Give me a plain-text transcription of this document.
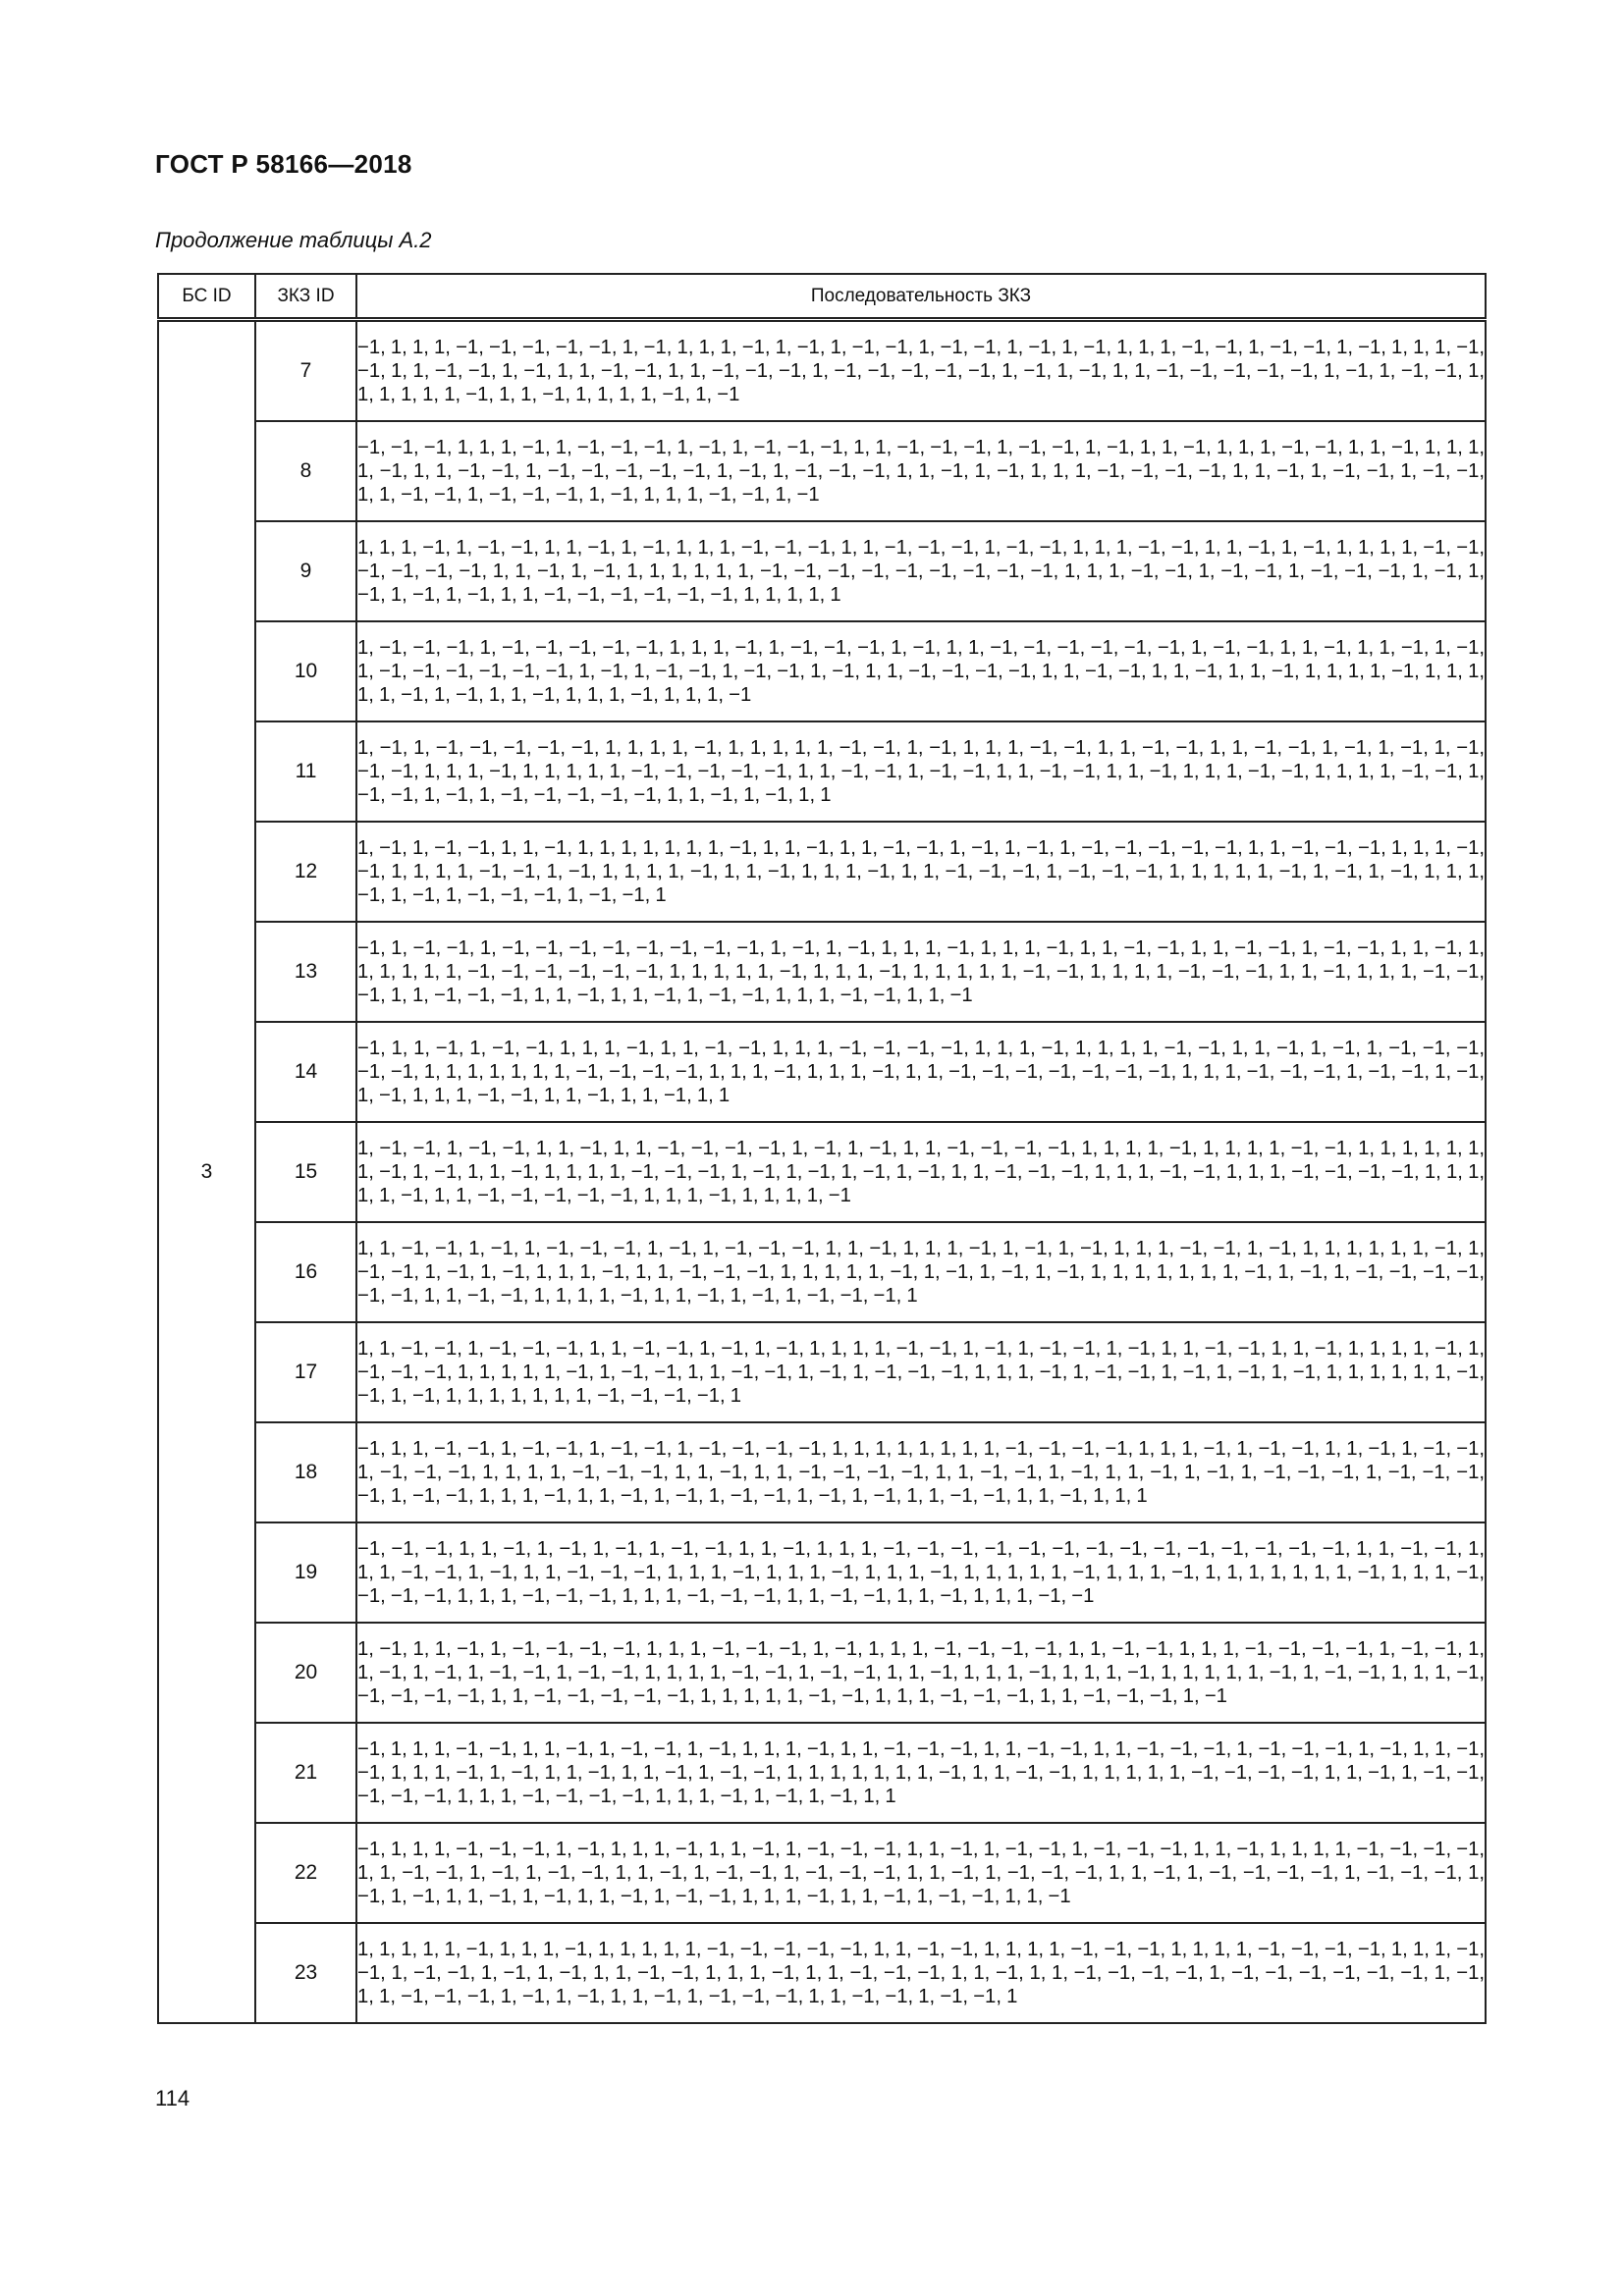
ГОСТ Р 58166—2018
Продолжение таблицы А.2
БС ID	ЗКЗ ID	Последовательность ЗКЗ
3	7	−1, 1, 1, 1, −1, −1, −1, −1, −1, 1, −1, 1, 1, 1, −1, 1, −1, 1, −1, −1, 1, −1, −1, 1, −1, 1, −1, 1, 1, 1, −1, −1, 1, −1, −1, 1, −1, 1, 1, 1, −1, −1, 1, 1, −1, −1, 1, −1, 1, 1, −1, −1, 1, 1, −1, −1, −1, 1, −1, −1, −1, −1, −1, 1, −1, 1, −1, 1, 1, −1, −1, −1, −1, −1, 1, −1, 1, −1, −1, 1, 1, 1, 1, 1, 1, −1, 1, 1, −1, 1, 1, 1, 1, −1, 1, −1
	8	−1, −1, −1, 1, 1, 1, −1, 1, −1, −1, −1, 1, −1, 1, −1, −1, −1, 1, 1, −1, −1, −1, 1, −1, −1, 1, −1, 1, 1, −1, 1, 1, 1, −1, −1, 1, 1, −1, 1, 1, 1, 1, −1, 1, 1, −1, −1, 1, −1, −1, −1, −1, −1, 1, −1, 1, −1, −1, −1, 1, 1, −1, 1, −1, 1, 1, 1, −1, −1, −1, −1, 1, 1, −1, 1, −1, −1, 1, −1, −1, 1, 1, −1, −1, 1, −1, −1, −1, 1, −1, 1, 1, 1, −1, −1, 1, −1
	9	1, 1, 1, −1, 1, −1, −1, 1, 1, −1, 1, −1, 1, 1, 1, −1, −1, −1, 1, 1, −1, −1, −1, 1, −1, −1, 1, 1, 1, −1, −1, 1, 1, −1, 1, −1, 1, 1, 1, 1, −1, −1, −1, −1, −1, −1, 1, 1, −1, 1, −1, 1, 1, 1, 1, 1, 1, −1, −1, −1, −1, −1, −1, −1, −1, −1, 1, 1, 1, −1, −1, 1, −1, −1, 1, −1, −1, −1, 1, −1, 1, −1, 1, −1, 1, −1, 1, 1, −1, −1, −1, −1, −1, −1, 1, 1, 1, 1, 1
	10	1, −1, −1, −1, 1, −1, −1, −1, −1, −1, 1, 1, 1, −1, 1, −1, −1, −1, 1, −1, 1, 1, −1, −1, −1, −1, −1, −1, 1, −1, −1, 1, 1, −1, 1, 1, −1, 1, −1, 1, −1, −1, −1, −1, −1, −1, 1, −1, 1, −1, −1, 1, −1, −1, 1, −1, 1, 1, −1, −1, −1, −1, 1, 1, −1, −1, 1, 1, −1, 1, 1, −1, 1, 1, 1, 1, −1, 1, 1, 1, 1, 1, −1, 1, −1, 1, 1, −1, 1, 1, 1, −1, 1, 1, 1, −1
	11	1, −1, 1, −1, −1, −1, −1, −1, 1, 1, 1, 1, −1, 1, 1, 1, 1, 1, −1, −1, 1, −1, 1, 1, 1, −1, −1, 1, 1, −1, −1, 1, 1, −1, −1, 1, −1, 1, −1, 1, −1, −1, −1, 1, 1, 1, −1, 1, 1, 1, 1, 1, −1, −1, −1, −1, −1, 1, 1, −1, −1, 1, −1, −1, 1, 1, −1, −1, 1, 1, −1, 1, 1, 1, −1, −1, 1, 1, 1, 1, −1, −1, 1, −1, −1, 1, −1, 1, −1, −1, −1, −1, −1, 1, 1, −1, 1, −1, 1, 1
	12	1, −1, 1, −1, −1, 1, 1, −1, 1, 1, 1, 1, 1, 1, 1, −1, 1, 1, −1, 1, 1, −1, −1, 1, −1, 1, −1, 1, −1, −1, −1, −1, −1, 1, 1, −1, −1, −1, 1, 1, 1, −1, −1, 1, 1, 1, 1, −1, −1, 1, −1, 1, 1, 1, 1, −1, 1, 1, −1, 1, 1, 1, −1, 1, 1, −1, −1, −1, 1, −1, −1, −1, 1, 1, 1, 1, 1, −1, 1, −1, 1, −1, 1, 1, 1, −1, 1, −1, 1, −1, −1, −1, 1, −1, −1, 1
	13	−1, 1, −1, −1, 1, −1, −1, −1, −1, −1, −1, −1, −1, 1, −1, 1, −1, 1, 1, 1, −1, 1, 1, 1, −1, 1, 1, −1, −1, 1, 1, −1, −1, 1, −1, −1, 1, 1, −1, 1, 1, 1, 1, 1, 1, −1, −1, −1, −1, −1, −1, 1, 1, 1, 1, 1, −1, 1, 1, 1, −1, 1, 1, 1, 1, 1, −1, −1, 1, 1, 1, 1, −1, −1, −1, 1, 1, −1, 1, 1, 1, −1, −1, −1, 1, 1, −1, −1, −1, 1, 1, −1, 1, 1, −1, 1, −1, −1, 1, 1, 1, −1, −1, 1, 1, −1
	14	−1, 1, 1, −1, 1, −1, −1, 1, 1, 1, −1, 1, 1, −1, −1, 1, 1, 1, −1, −1, −1, −1, 1, 1, 1, −1, 1, 1, 1, 1, −1, −1, 1, 1, −1, 1, −1, 1, −1, −1, −1, −1, −1, 1, 1, 1, 1, 1, 1, 1, −1, −1, −1, −1, 1, 1, 1, −1, 1, 1, 1, −1, 1, 1, −1, −1, −1, −1, −1, −1, −1, 1, 1, 1, −1, −1, −1, 1, −1, −1, 1, −1, 1, −1, 1, 1, 1, −1, −1, 1, 1, −1, 1, 1, −1, 1, 1
	15	1, −1, −1, 1, −1, −1, 1, 1, −1, 1, 1, −1, −1, −1, −1, 1, −1, 1, −1, 1, 1, −1, −1, −1, −1, 1, 1, 1, 1, −1, 1, 1, 1, 1, −1, −1, 1, 1, 1, 1, 1, 1, 1, −1, 1, −1, 1, 1, −1, 1, 1, 1, 1, −1, −1, −1, 1, −1, 1, −1, 1, −1, 1, −1, 1, 1, −1, −1, −1, 1, 1, 1, −1, −1, 1, 1, 1, −1, −1, −1, −1, 1, 1, 1, 1, 1, −1, 1, 1, −1, −1, −1, −1, −1, 1, 1, 1, −1, 1, 1, 1, 1, −1
	16	1, 1, −1, −1, 1, −1, 1, −1, −1, −1, 1, −1, 1, −1, −1, −1, 1, 1, −1, 1, 1, 1, −1, 1, −1, 1, −1, 1, 1, 1, −1, −1, 1, −1, 1, 1, 1, 1, 1, 1, −1, 1, −1, −1, 1, −1, 1, −1, 1, 1, 1, −1, 1, 1, −1, −1, −1, 1, 1, 1, 1, 1, −1, 1, −1, 1, −1, 1, −1, 1, 1, 1, 1, 1, 1, 1, −1, 1, −1, 1, −1, −1, −1, −1, −1, −1, 1, 1, −1, −1, 1, 1, 1, 1, −1, 1, 1, −1, 1, −1, 1, −1, −1, −1, 1
	17	1, 1, −1, −1, 1, −1, −1, −1, 1, 1, −1, −1, 1, −1, 1, −1, 1, 1, 1, 1, −1, −1, 1, −1, 1, −1, −1, 1, −1, 1, 1, −1, −1, 1, 1, −1, 1, 1, 1, 1, −1, 1, −1, −1, −1, 1, 1, 1, 1, 1, −1, 1, −1, −1, 1, 1, −1, −1, 1, −1, 1, −1, −1, −1, 1, 1, 1, −1, 1, −1, −1, 1, −1, 1, −1, 1, −1, 1, 1, 1, 1, 1, 1, −1, −1, 1, −1, 1, 1, 1, 1, 1, 1, 1, −1, −1, −1, −1, 1
	18	−1, 1, 1, −1, −1, 1, −1, −1, 1, −1, −1, 1, −1, −1, −1, −1, 1, 1, 1, 1, 1, 1, 1, 1, −1, −1, −1, −1, 1, 1, 1, −1, 1, −1, −1, 1, 1, −1, 1, −1, −1, 1, −1, −1, −1, 1, 1, 1, 1, −1, −1, −1, 1, 1, −1, 1, 1, −1, −1, −1, −1, 1, 1, −1, −1, 1, −1, 1, 1, −1, 1, −1, 1, −1, −1, −1, 1, −1, −1, −1, −1, 1, −1, −1, 1, 1, 1, −1, 1, 1, −1, 1, −1, 1, −1, −1, 1, −1, 1, −1, 1, 1, −1, −1, 1, 1, −1, 1, 1, 1
	19	−1, −1, −1, 1, 1, −1, 1, −1, 1, −1, 1, −1, −1, 1, 1, −1, 1, 1, 1, −1, −1, −1, −1, −1, −1, −1, −1, −1, −1, −1, −1, −1, −1, 1, 1, −1, −1, 1, 1, 1, −1, −1, 1, −1, 1, 1, −1, −1, −1, 1, 1, 1, −1, 1, 1, 1, −1, 1, 1, 1, −1, 1, 1, 1, 1, 1, −1, 1, 1, 1, −1, 1, 1, 1, 1, 1, 1, 1, −1, 1, 1, 1, −1, −1, −1, −1, 1, 1, 1, −1, −1, −1, 1, 1, 1, −1, −1, −1, 1, 1, −1, −1, 1, 1, −1, 1, 1, 1, −1, −1
	20	1, −1, 1, 1, −1, 1, −1, −1, −1, −1, 1, 1, 1, −1, −1, −1, 1, −1, 1, 1, 1, −1, −1, −1, −1, 1, 1, −1, −1, 1, 1, 1, −1, −1, −1, −1, 1, −1, −1, 1, 1, −1, 1, −1, 1, −1, −1, 1, −1, −1, 1, 1, 1, 1, −1, −1, 1, −1, −1, 1, 1, −1, 1, 1, 1, −1, 1, 1, 1, −1, 1, 1, 1, 1, 1, −1, 1, −1, −1, 1, 1, 1, −1, −1, −1, −1, −1, 1, 1, −1, −1, −1, −1, −1, 1, 1, 1, 1, 1, −1, −1, 1, 1, 1, −1, −1, −1, 1, 1, −1, −1, −1, 1, −1
	21	−1, 1, 1, 1, −1, −1, 1, 1, −1, 1, −1, −1, 1, −1, 1, 1, 1, −1, 1, 1, −1, −1, −1, 1, 1, −1, −1, 1, 1, −1, −1, −1, 1, −1, −1, −1, 1, −1, 1, 1, −1, −1, 1, 1, 1, −1, 1, −1, 1, 1, −1, 1, 1, −1, 1, −1, −1, 1, 1, 1, 1, 1, 1, 1, −1, 1, 1, −1, −1, 1, 1, 1, 1, 1, −1, −1, −1, −1, 1, 1, −1, 1, −1, −1, −1, −1, −1, 1, 1, 1, −1, −1, −1, −1, 1, 1, 1, −1, 1, −1, 1, −1, 1, 1
	22	−1, 1, 1, 1, −1, −1, −1, 1, −1, 1, 1, 1, −1, 1, 1, −1, 1, −1, −1, −1, 1, 1, −1, 1, −1, −1, 1, −1, −1, −1, 1, 1, −1, 1, 1, 1, 1, −1, −1, −1, −1, 1, 1, −1, −1, 1, −1, 1, −1, −1, 1, 1, −1, 1, −1, −1, 1, −1, −1, −1, 1, 1, −1, 1, −1, −1, −1, 1, 1, −1, 1, −1, −1, −1, −1, 1, −1, −1, −1, 1, −1, 1, −1, 1, 1, −1, 1, −1, 1, 1, −1, 1, −1, −1, 1, 1, 1, −1, 1, 1, −1, 1, −1, −1, 1, 1, −1
	23	1, 1, 1, 1, 1, −1, 1, 1, 1, −1, 1, 1, 1, 1, 1, −1, −1, −1, −1, −1, 1, 1, −1, −1, 1, 1, 1, 1, −1, −1, −1, 1, 1, 1, 1, −1, −1, −1, −1, 1, 1, 1, −1, −1, 1, −1, −1, 1, −1, 1, −1, 1, 1, −1, −1, 1, 1, 1, −1, 1, 1, −1, −1, −1, 1, 1, −1, 1, 1, −1, −1, −1, −1, 1, −1, −1, −1, −1, −1, −1, 1, −1, 1, 1, −1, −1, −1, 1, −1, 1, −1, 1, 1, −1, 1, −1, −1, −1, 1, 1, −1, −1, 1, −1, −1, 1
114
